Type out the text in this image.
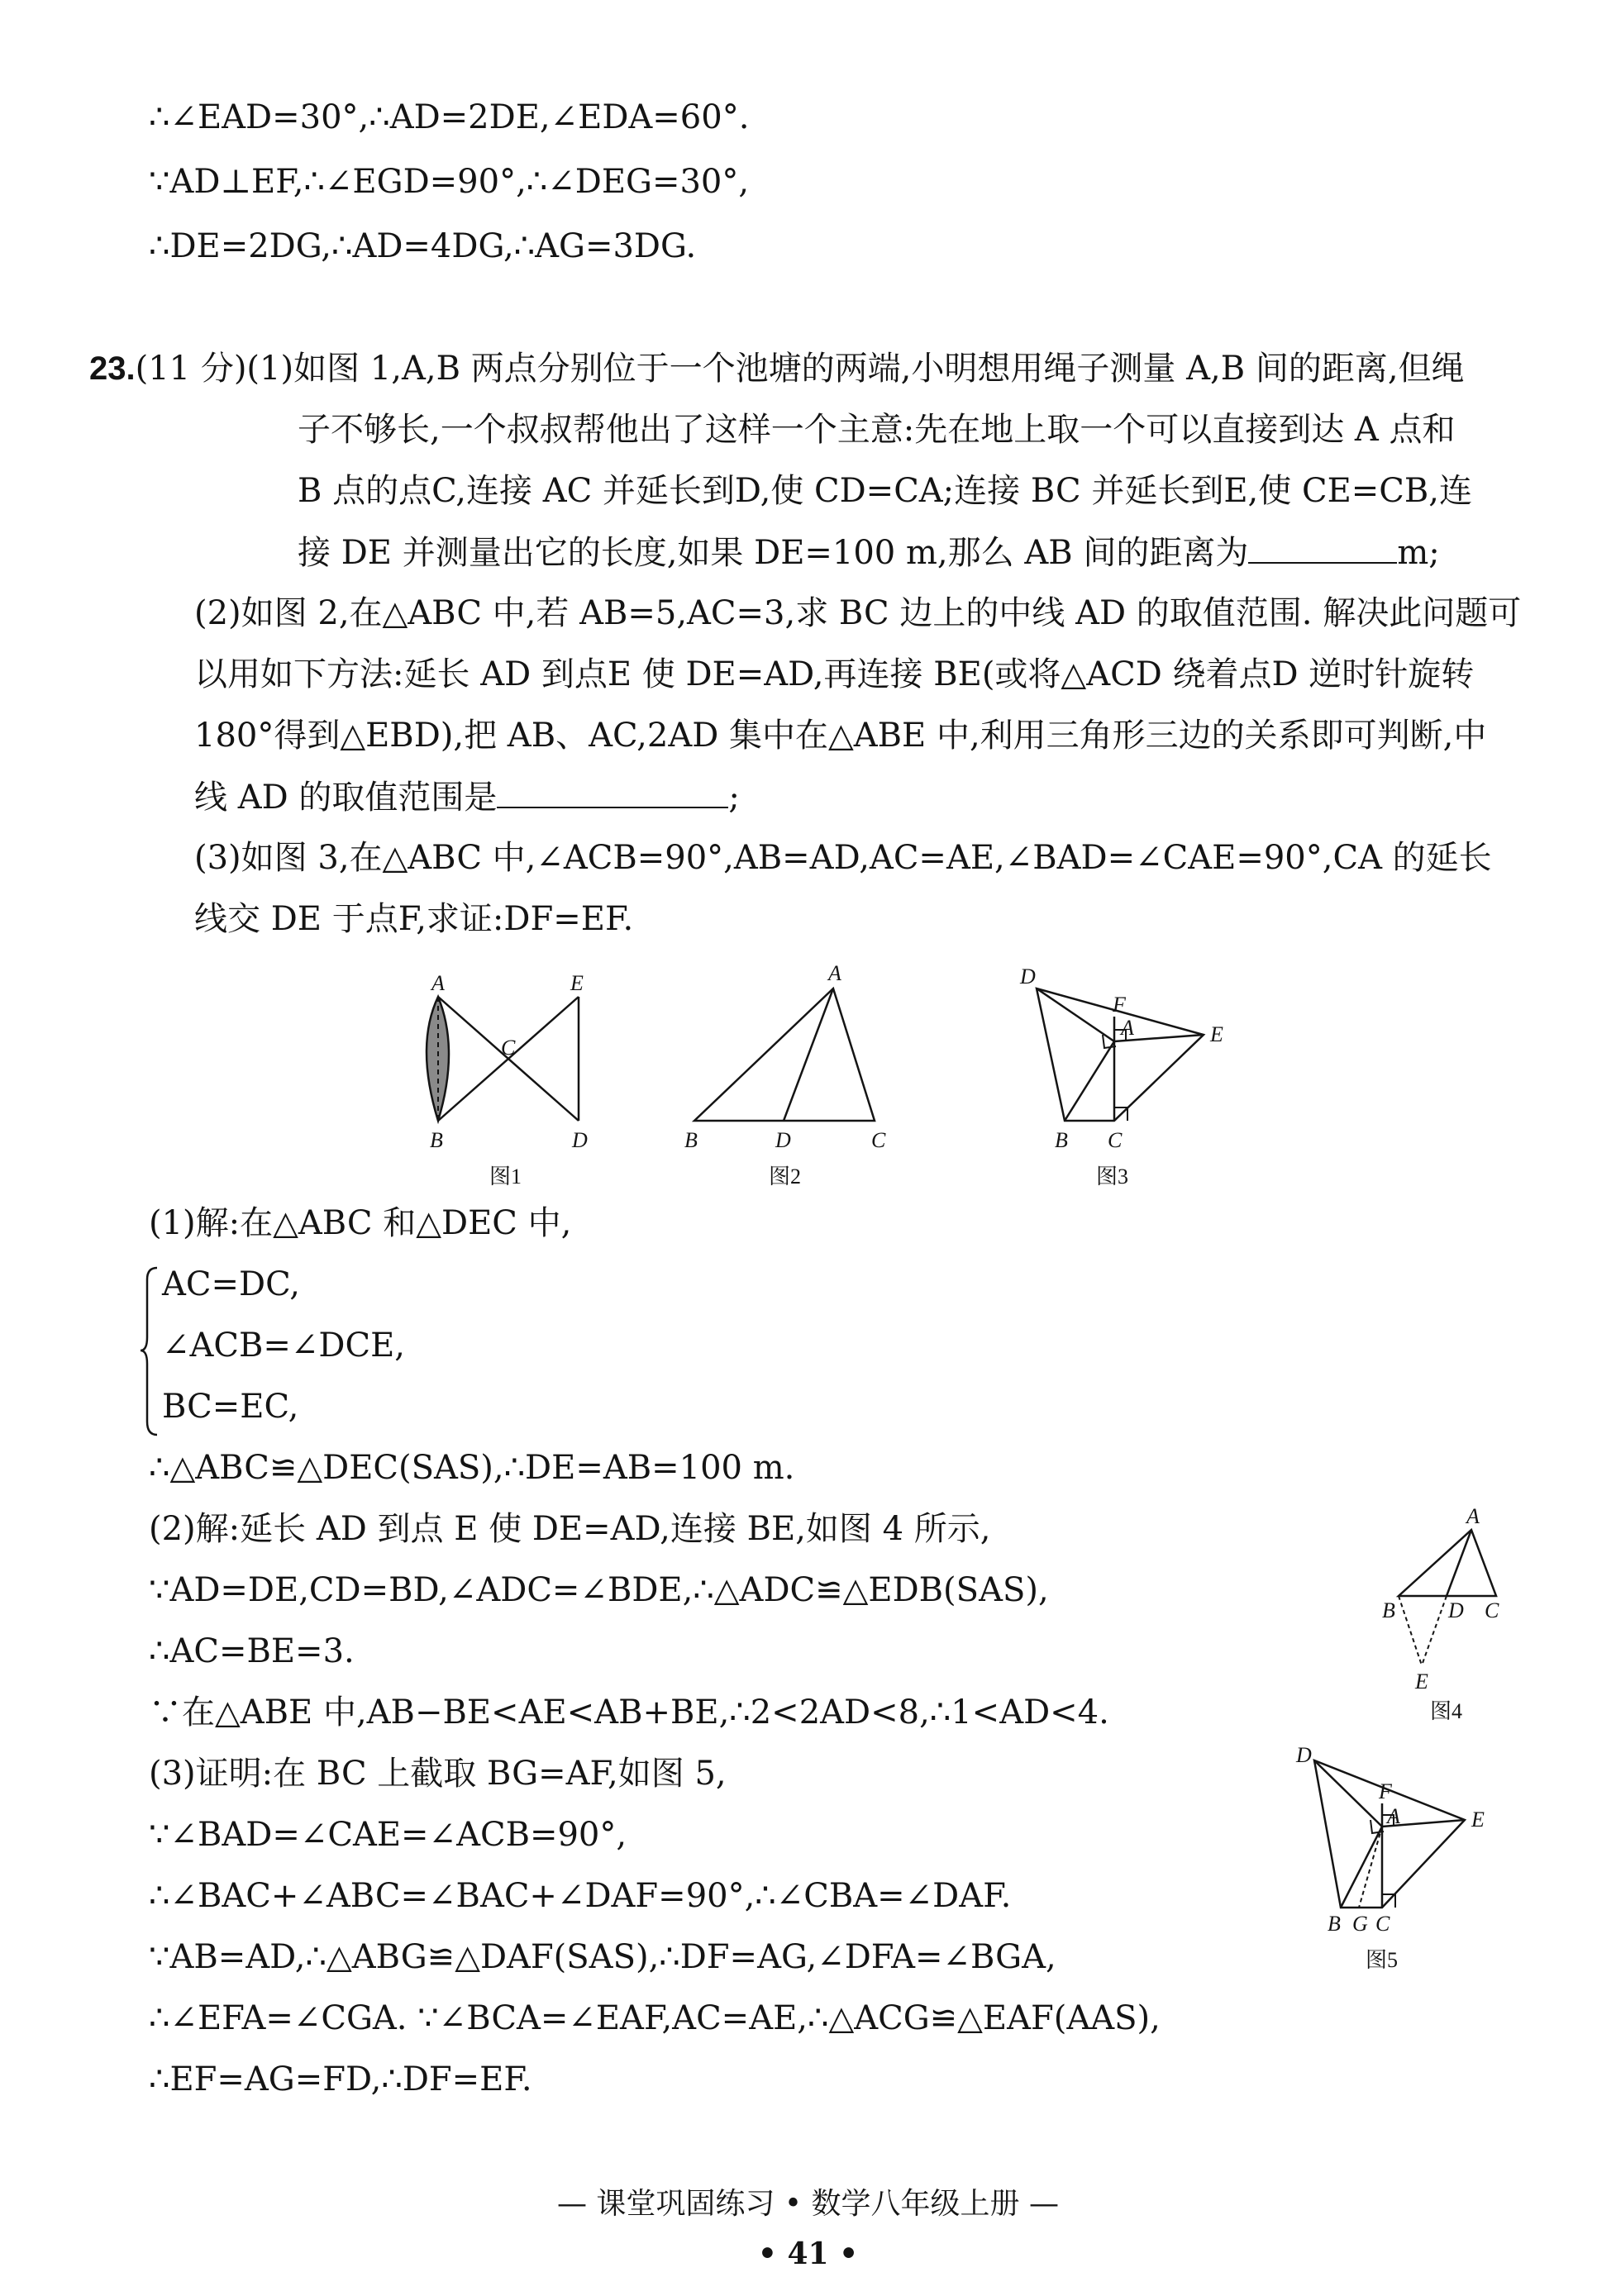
∴∠EAD=30°,∴AD=2DE,∠EDA=60°.
∵AD⊥EF,∴∠EGD=90°,∴∠DEG=30°,
∴DE=2DG,∴AD=4DG,∴AG=3DG.
23.(11 分)(1)如图 1,A,B 两点分别位于一个池塘的两端,小明想用绳子测量 A,B 间的距离,但绳
子不够长,一个叔叔帮他出了这样一个主意:先在地上取一个可以直接到达 A 点和
B 点的点C,连接 AC 并延长到D,使 CD=CA;连接 BC 并延长到E,使 CE=CB,连
接 DE 并测量出它的长度,如果 DE=100 m,那么 AB 间的距离为	m;
(2)如图 2,在△ABC 中,若 AB=5,AC=3,求 BC 边上的中线 AD 的取值范围. 解决此问题可
以用如下方法:延长 AD 到点E 使 DE=AD,再连接 BE(或将△ACD 绕着点D 逆时针旋转
180°得到△EBD),把 AB、AC,2AD 集中在△ABE 中,利用三角形三边的关系即可判断,中
线 AD 的取值范围是	;
(3)如图 3,在△ABC 中,∠ACB=90°,AB=AD,AC=AE,∠BAD=∠CAE=90°,CA 的延长
线交 DE 于点F,求证:DF=EF.
A	E
C
B	D
图1
A
B	D	C
图2
D
F
A	E
B C
图3
(1)解:在△ABC 和△DEC 中,
AC=DC,
∠ACB=∠DCE,
BC=EC,
∴△ABC≌△DEC(SAS),∴DE=AB=100 m.
(2)解:延长 AD 到点 E 使 DE=AD,连接 BE,如图 4 所示,
∵AD=DE,CD=BD,∠ADC=∠BDE,∴△ADC≌△EDB(SAS),
∴AC=BE=3.
∵在△ABE 中,AB−BE<AE<AB+BE,∴2<2AD<8,∴1<AD<4.
(3)证明:在 BC 上截取 BG=AF,如图 5,
∵∠BAD=∠CAE=∠ACB=90°,
∴∠BAC+∠ABC=∠BAC+∠DAF=90°,∴∠CBA=∠DAF.
∵AB=AD,∴△ABG≌△DAF(SAS),∴DF=AG,∠DFA=∠BGA,
∴∠EFA=∠CGA. ∵∠BCA=∠EAF,AC=AE,∴△ACG≌△EAF(AAS),
∴EF=AG=FD,∴DF=EF.
A
B D C
E
图4
D
F
A	E
B G C
图5
— 课堂巩固练习 • 数学八年级上册 —
• 41 •
